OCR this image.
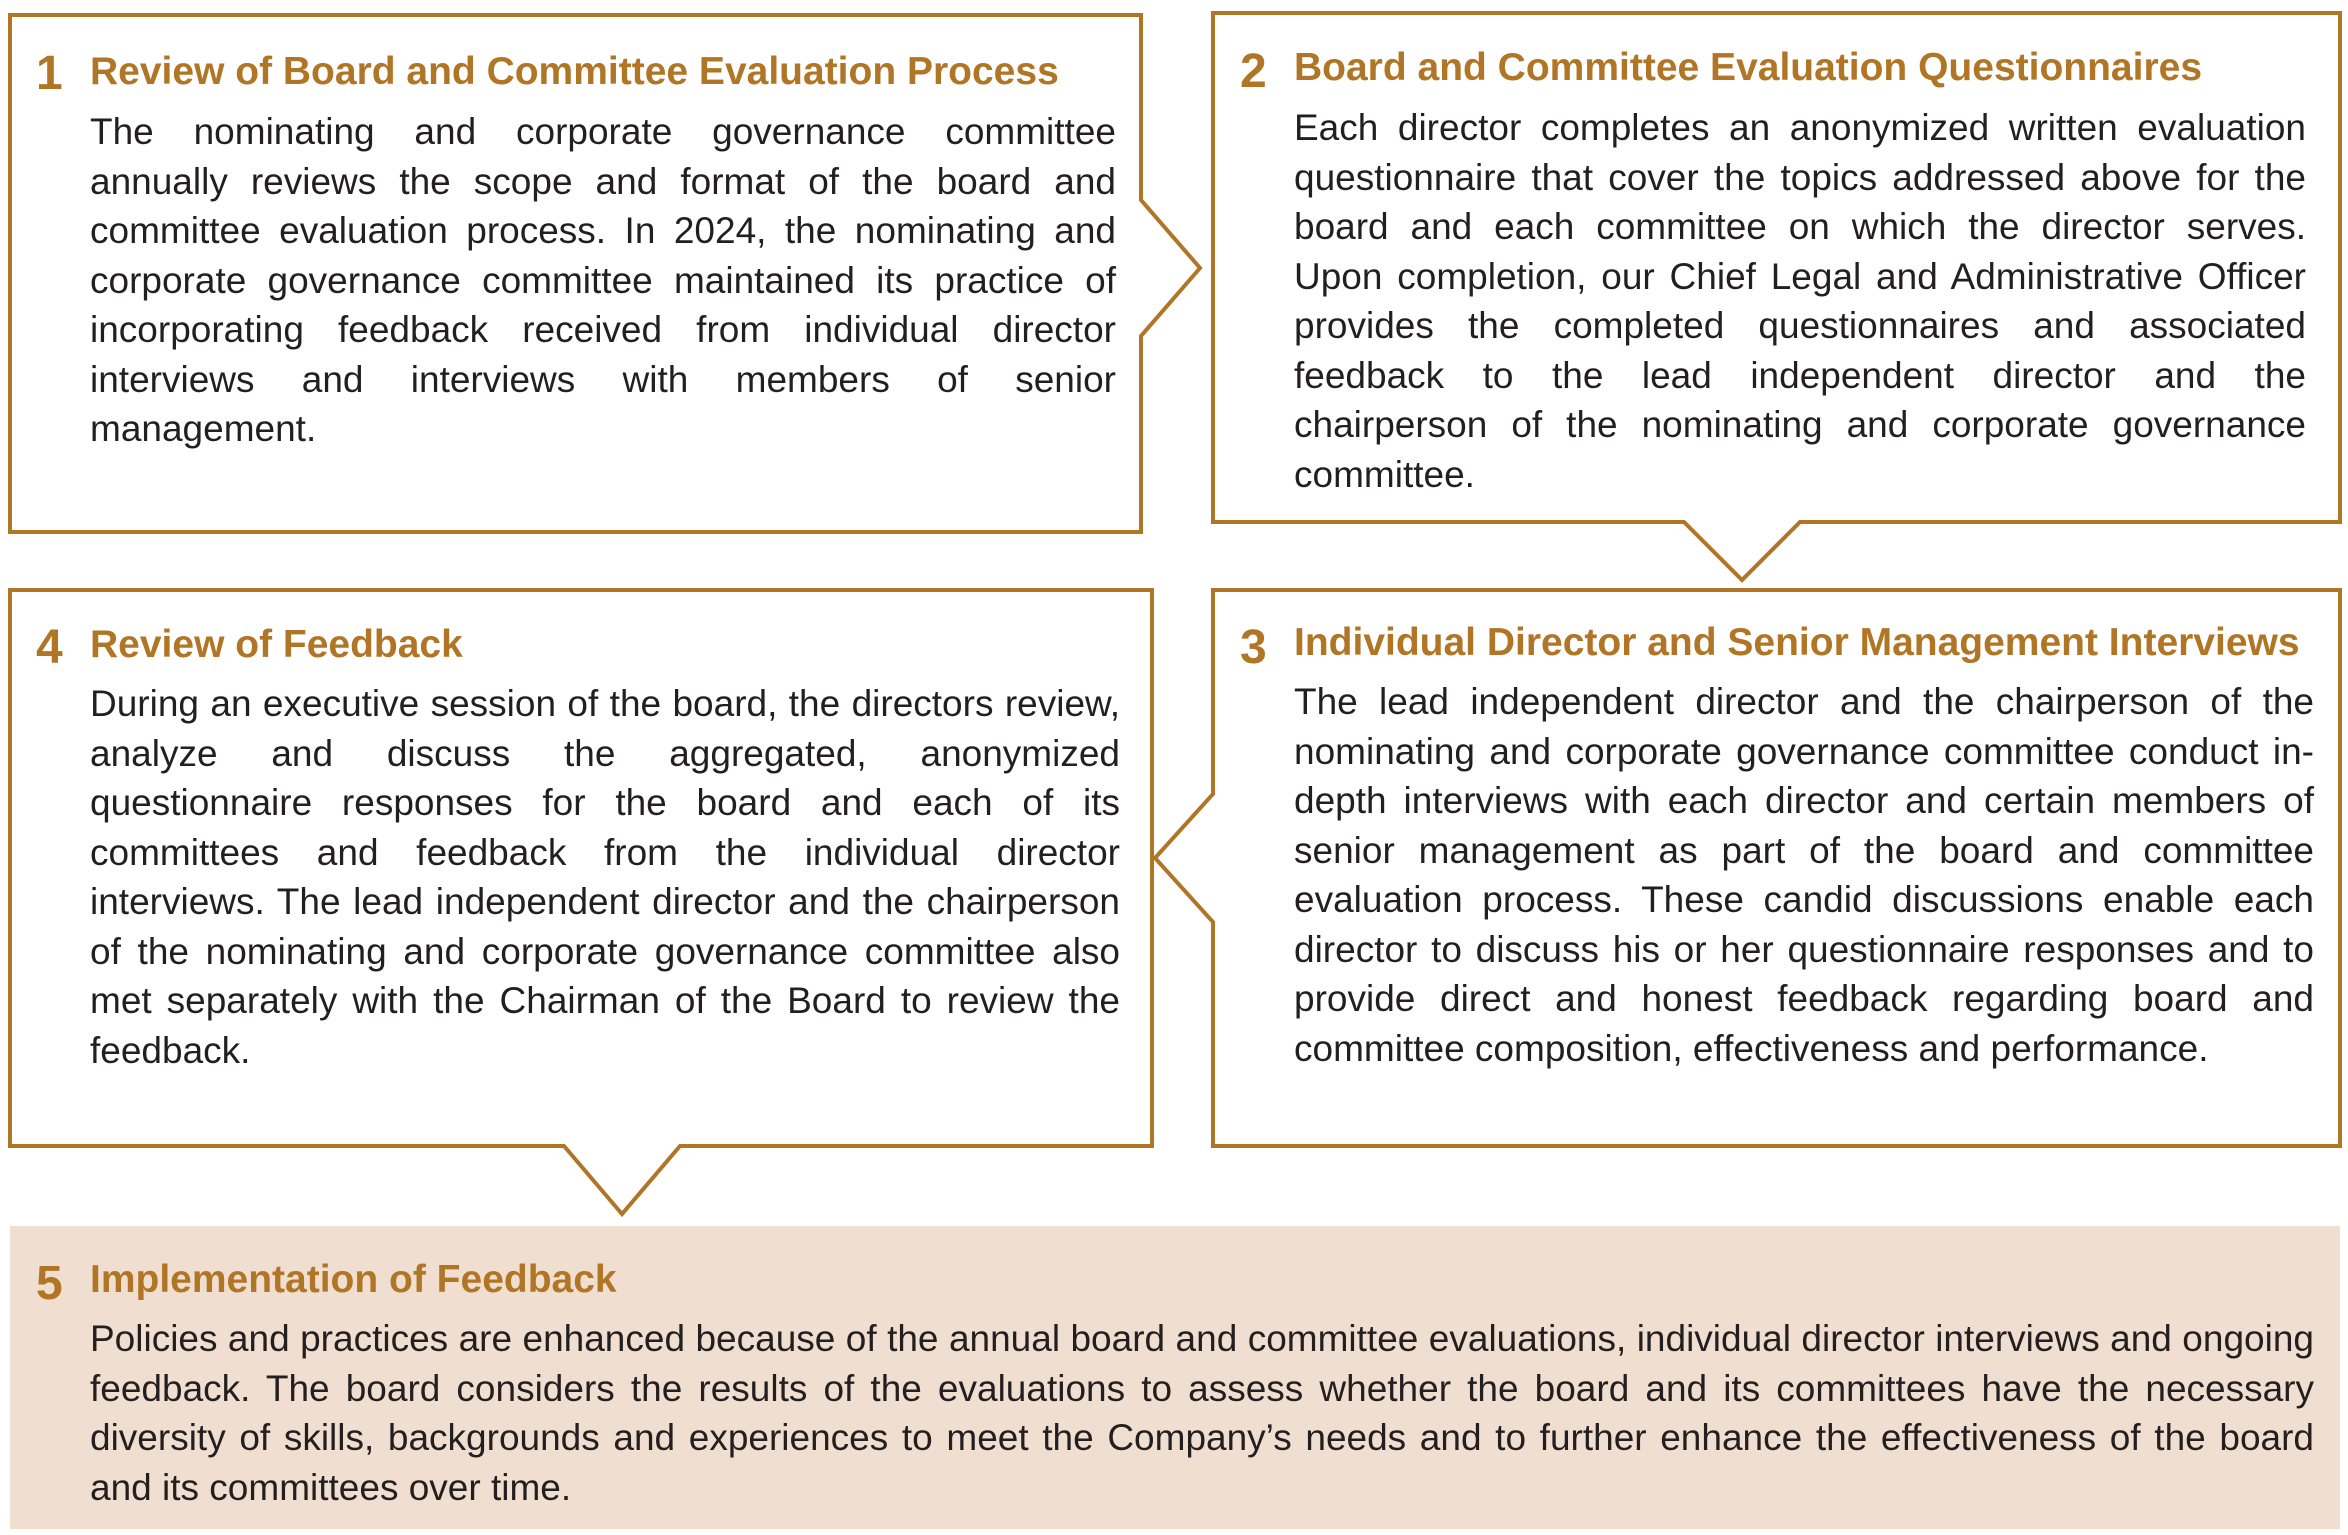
1 Review of Board and Committee Evaluation Process

The nominating and corporate governance committee annually reviews the scope and format of the board and committee evaluation process. In 2024, the nominating and corporate governance committee maintained its practice of incorporating feedback received from individual director interviews and interviews with members of senior management.

2 Board and Committee Evaluation Questionnaires

Each director completes an anonymized written evaluation questionnaire that cover the topics addressed above for the board and each committee on which the director serves. Upon completion, our Chief Legal and Administrative Officer provides the completed questionnaires and associated feedback to the lead independent director and the chairperson of the nominating and corporate governance committee.

3 Individual Director and Senior Management Interviews

The lead independent director and the chairperson of the nominating and corporate governance committee conduct in-depth interviews with each director and certain members of senior management as part of the board and committee evaluation process. These candid discussions enable each director to discuss his or her questionnaire responses and to provide direct and honest feedback regarding board and committee composition, effectiveness and performance.

4 Review of Feedback

During an executive session of the board, the directors review, analyze and discuss the aggregated, anonymized questionnaire responses for the board and each of its committees and feedback from the individual director interviews. The lead independent director and the chairperson of the nominating and corporate governance committee also met separately with the Chairman of the Board to review the feedback.

5 Implementation of Feedback

Policies and practices are enhanced because of the annual board and committee evaluations, individual director interviews and ongoing feedback. The board considers the results of the evaluations to assess whether the board and its committees have the necessary diversity of skills, backgrounds and experiences to meet the Company’s needs and to further enhance the effectiveness of the board and its committees over time.
